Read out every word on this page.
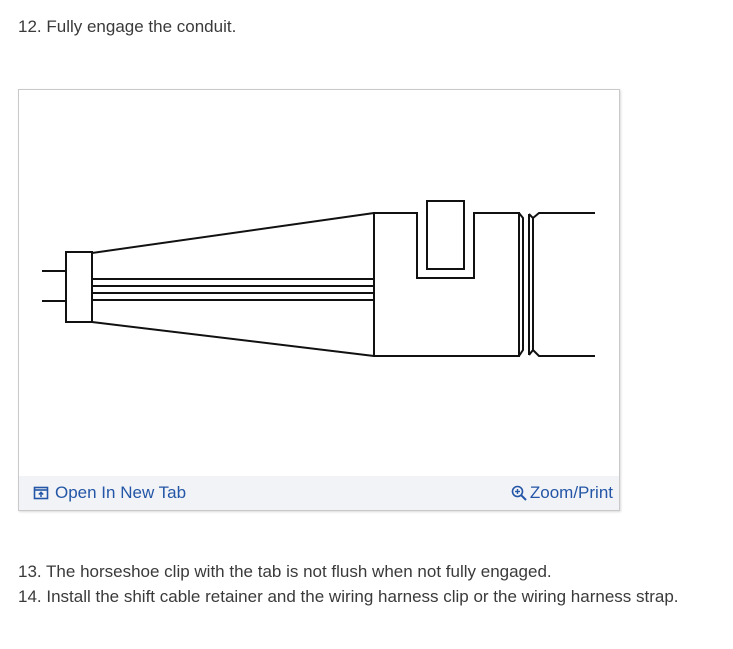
12. Fully engage the conduit.
Open In New Tab	Zoom/Print
13. The horseshoe clip with the tab is not flush when not fully engaged.
14. Install the shift cable retainer and the wiring harness clip or the wiring harness strap.
